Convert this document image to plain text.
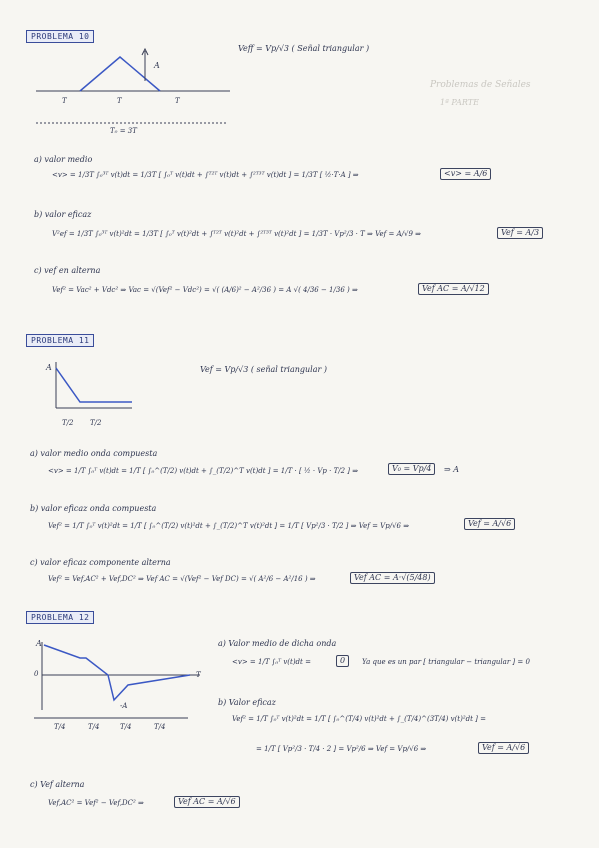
Problemas de Señales
1ª PARTE
PROBLEMA 10
Veff = Vp/√3 ( Señal triangular )
A
T	T	T
T₀ = 3T
a) valor medio
<v> = 1/3T ∫₀³ᵀ v(t)dt = 1/3T [ ∫₀ᵀ v(t)dt + ∫ᵀ²ᵀ v(t)dt + ∫²ᵀ³ᵀ v(t)dt ] = 1/3T [ ½·T·A ] ⇒	<v> = A/6
b) valor eficaz
V²ef = 1/3T ∫₀³ᵀ v(t)²dt = 1/3T [ ∫₀ᵀ v(t)²dt + ∫ᵀ²ᵀ v(t)²dt + ∫²ᵀ³ᵀ v(t)²dt ] = 1/3T · Vp²/3 · T ⇒ Vef = A/√9 ⇒	Vef = A/3
c) vef en alterna
Vef² = Vac² + Vdc² ⇒ Vac = √(Vef² − Vdc²) = √( (A/6)² − A²/36 ) = A √( 4/36 − 1/36 ) ⇒	Vef AC = A/√12
PROBLEMA 11
Vef = Vp/√3 ( señal triangular )
A
T/2 T/2
a) valor medio onda compuesta
<v> = 1/T ∫₀ᵀ v(t)dt = 1/T [ ∫₀^(T/2) v(t)dt + ∫_(T/2)^T v(t)dt ] = 1/T · [ ½ · Vp · T/2 ] ⇒	V₀ = Vp/4	⇒ A
b) valor eficaz onda compuesta
Vef² = 1/T ∫₀ᵀ v(t)²dt = 1/T [ ∫₀^(T/2) v(t)²dt + ∫_(T/2)^T v(t)²dt ] = 1/T [ Vp²/3 · T/2 ] ⇒ Vef = Vp/√6 ⇒	Vef = A/√6
c) valor eficaz componente alterna
Vef² = Vef,AC² + Vef,DC² ⇒ Vef AC = √(Vef² − Vef DC) = √( A²/6 − A²/16 ) ⇒	Vef AC = A·√(5/48)
PROBLEMA 12
A
0
-A
T
T/4	T/4	T/4	T/4
a) Valor medio de dicha onda
<v> = 1/T ∫₀ᵀ v(t)dt =	0	Ya que es un par [ triangular − triangular ] = 0
b) Valor eficaz
Vef² = 1/T ∫₀ᵀ v(t)²dt = 1/T [ ∫₀^(T/4) v(t)²dt + ∫_(T/4)^(3T/4) v(t)²dt ] =
= 1/T [ Vp²/3 · T/4 · 2 ] = Vp²/6 ⇒ Vef = Vp/√6 ⇒	Vef = A/√6
c) Vef alterna
Vef,AC² = Vef² − Vef,DC² ⇒	Vef AC = A/√6
